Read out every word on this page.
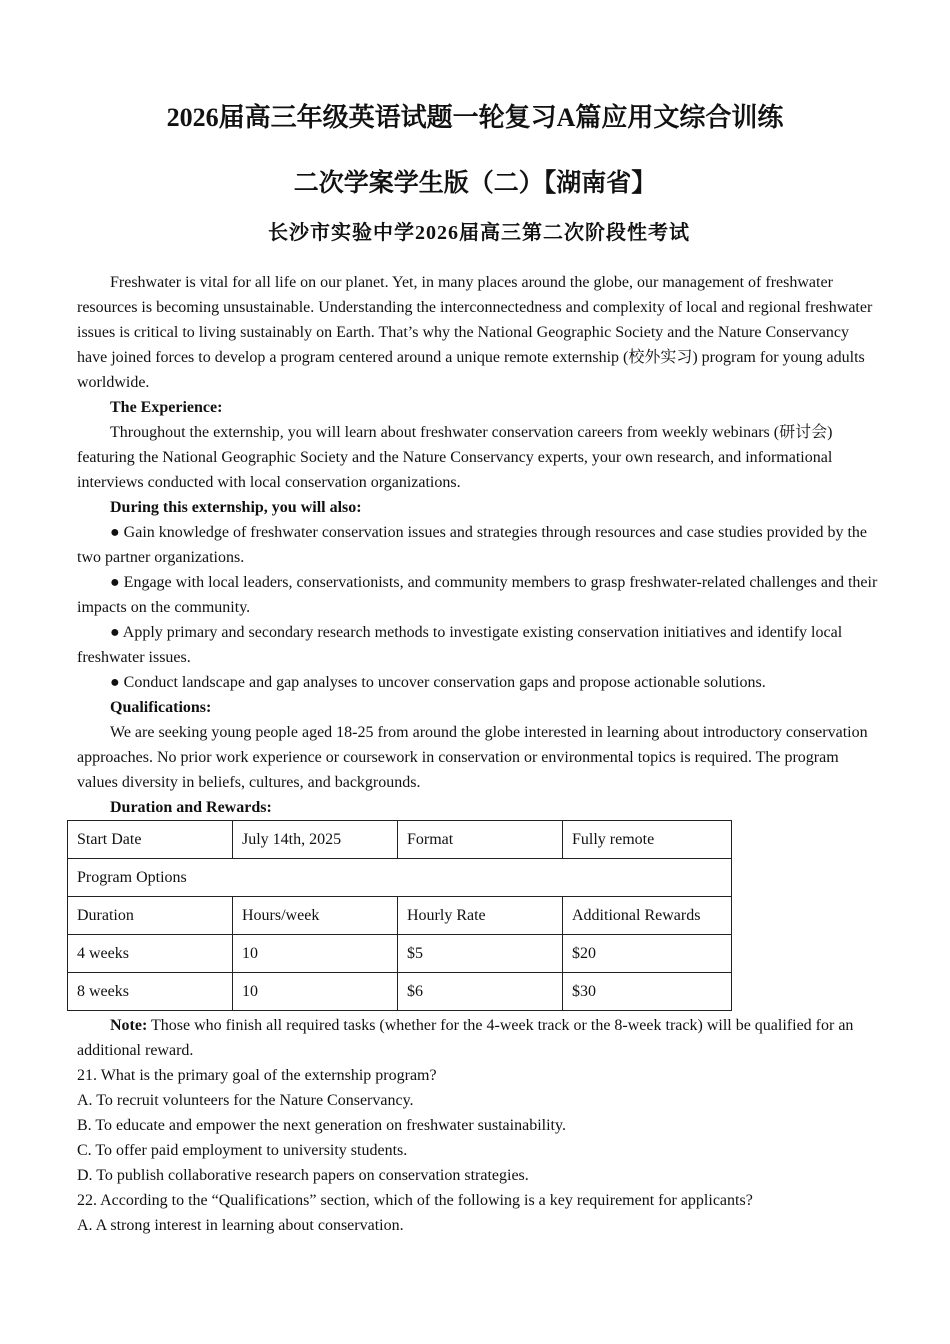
2026届高三年级英语试题一轮复习A篇应用文综合训练
二次学案学生版（二）【湖南省】
长沙市实验中学2026届高三第二次阶段性考试

Freshwater is vital for all life on our planet. Yet, in many places around the globe, our management of freshwater resources is becoming unsustainable. Understanding the interconnectedness and complexity of local and regional freshwater issues is critical to living sustainably on Earth. That’s why the National Geographic Society and the Nature Conservancy have joined forces to develop a program centered around a unique remote externship (校外实习) program for young adults worldwide.

The Experience:

Throughout the externship, you will learn about freshwater conservation careers from weekly webinars (研讨会) featuring the National Geographic Society and the Nature Conservancy experts, your own research, and informational interviews conducted with local conservation organizations.

During this externship, you will also:

● Gain knowledge of freshwater conservation issues and strategies through resources and case studies provided by the two partner organizations.

● Engage with local leaders, conservationists, and community members to grasp freshwater-related challenges and their impacts on the community.

● Apply primary and secondary research methods to investigate existing conservation initiatives and identify local freshwater issues.

● Conduct landscape and gap analyses to uncover conservation gaps and propose actionable solutions.

Qualifications:

We are seeking young people aged 18-25 from around the globe interested in learning about introductory conservation approaches. No prior work experience or coursework in conservation or environmental topics is required. The program values diversity in beliefs, cultures, and backgrounds.

Duration and Rewards:

Start Date	July 14th, 2025	Format	Fully remote
Program Options			
Duration	Hours/week	Hourly Rate	Additional Rewards
4 weeks	10	$5	$20
8 weeks	10	$6	$30

Note: Those who finish all required tasks (whether for the 4-week track or the 8-week track) will be qualified for an additional reward.

21. What is the primary goal of the externship program?

A. To recruit volunteers for the Nature Conservancy.

B. To educate and empower the next generation on freshwater sustainability.

C. To offer paid employment to university students.

D. To publish collaborative research papers on conservation strategies.

22. According to the “Qualifications” section, which of the following is a key requirement for applicants?

A. A strong interest in learning about conservation.
